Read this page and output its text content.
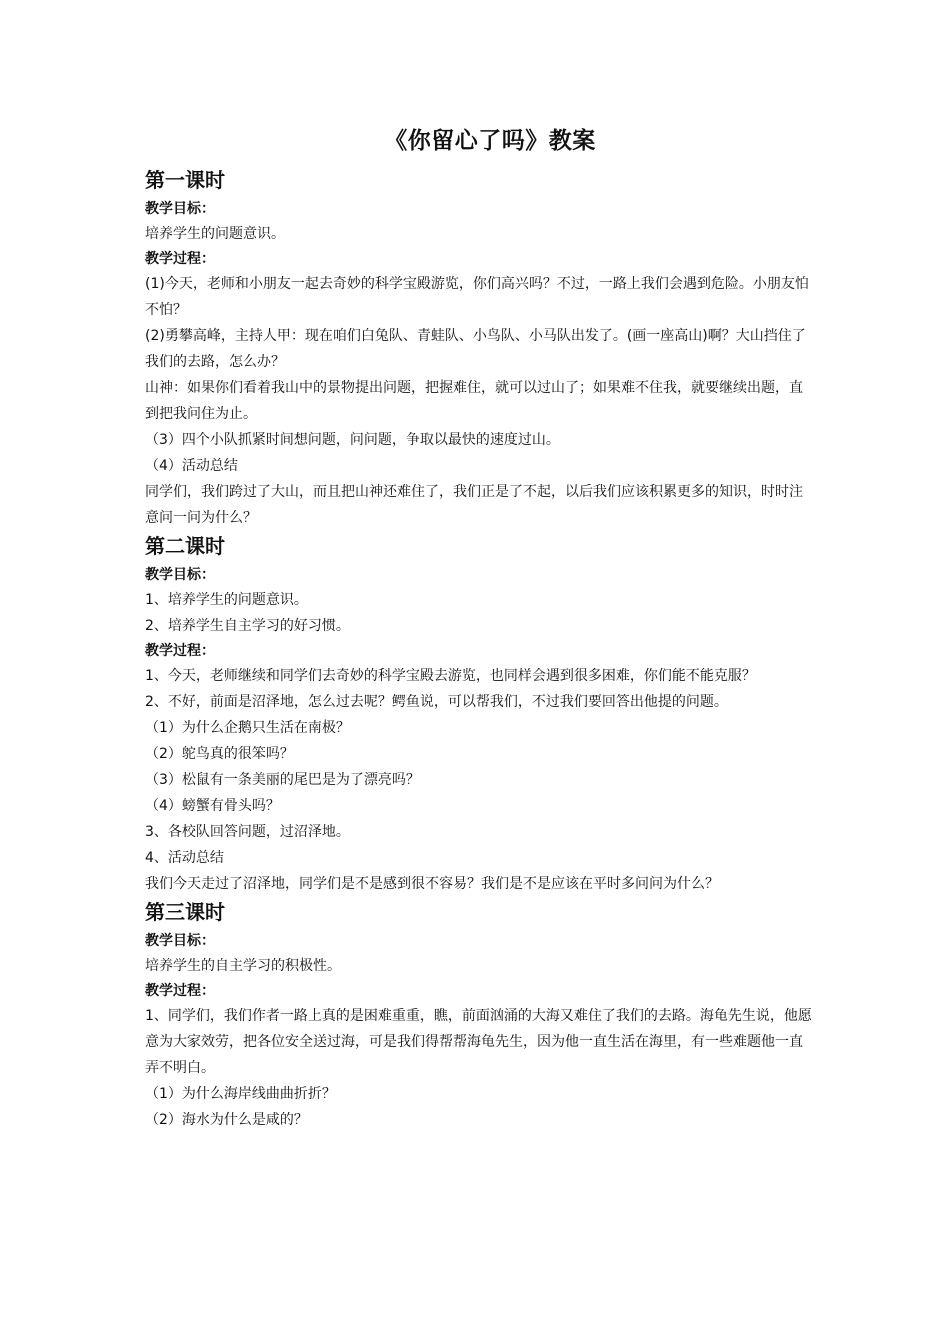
《你留心了吗》教案
第一课时
教学目标：
培养学生的问题意识。
教学过程：
(1)今天，老师和小朋友一起去奇妙的科学宝殿游览，你们高兴吗？不过，一路上我们会遇到危险。小朋友怕不怕？
(2)勇攀高峰，主持人甲：现在咱们白兔队、青蛙队、小鸟队、小马队出发了。(画一座高山)啊？大山挡住了我们的去路，怎么办？
山神：如果你们看着我山中的景物提出问题，把握难住，就可以过山了；如果难不住我，就要继续出题，直到把我问住为止。
（3）四个小队抓紧时间想问题，问问题，争取以最快的速度过山。
（4）活动总结
同学们，我们跨过了大山，而且把山神还难住了，我们正是了不起，以后我们应该积累更多的知识，时时注意问一问为什么？
第二课时
教学目标：
1、培养学生的问题意识。
2、培养学生自主学习的好习惯。
教学过程：
1、今天，老师继续和同学们去奇妙的科学宝殿去游览，也同样会遇到很多困难，你们能不能克服？
2、不好，前面是沼泽地，怎么过去呢？鳄鱼说，可以帮我们，不过我们要回答出他提的问题。
（1）为什么企鹅只生活在南极？
（2）鸵鸟真的很笨吗？
（3）松鼠有一条美丽的尾巴是为了漂亮吗？
（4）螃蟹有骨头吗？
3、各校队回答问题，过沼泽地。
4、活动总结
我们今天走过了沼泽地，同学们是不是感到很不容易？我们是不是应该在平时多问问为什么？
第三课时
教学目标：
培养学生的自主学习的积极性。
教学过程：
1、同学们，我们作者一路上真的是困难重重，瞧，前面汹涌的大海又难住了我们的去路。海龟先生说，他愿意为大家效劳，把各位安全送过海，可是我们得帮帮海龟先生，因为他一直生活在海里，有一些难题他一直弄不明白。
（1）为什么海岸线曲曲折折？
（2）海水为什么是咸的？
